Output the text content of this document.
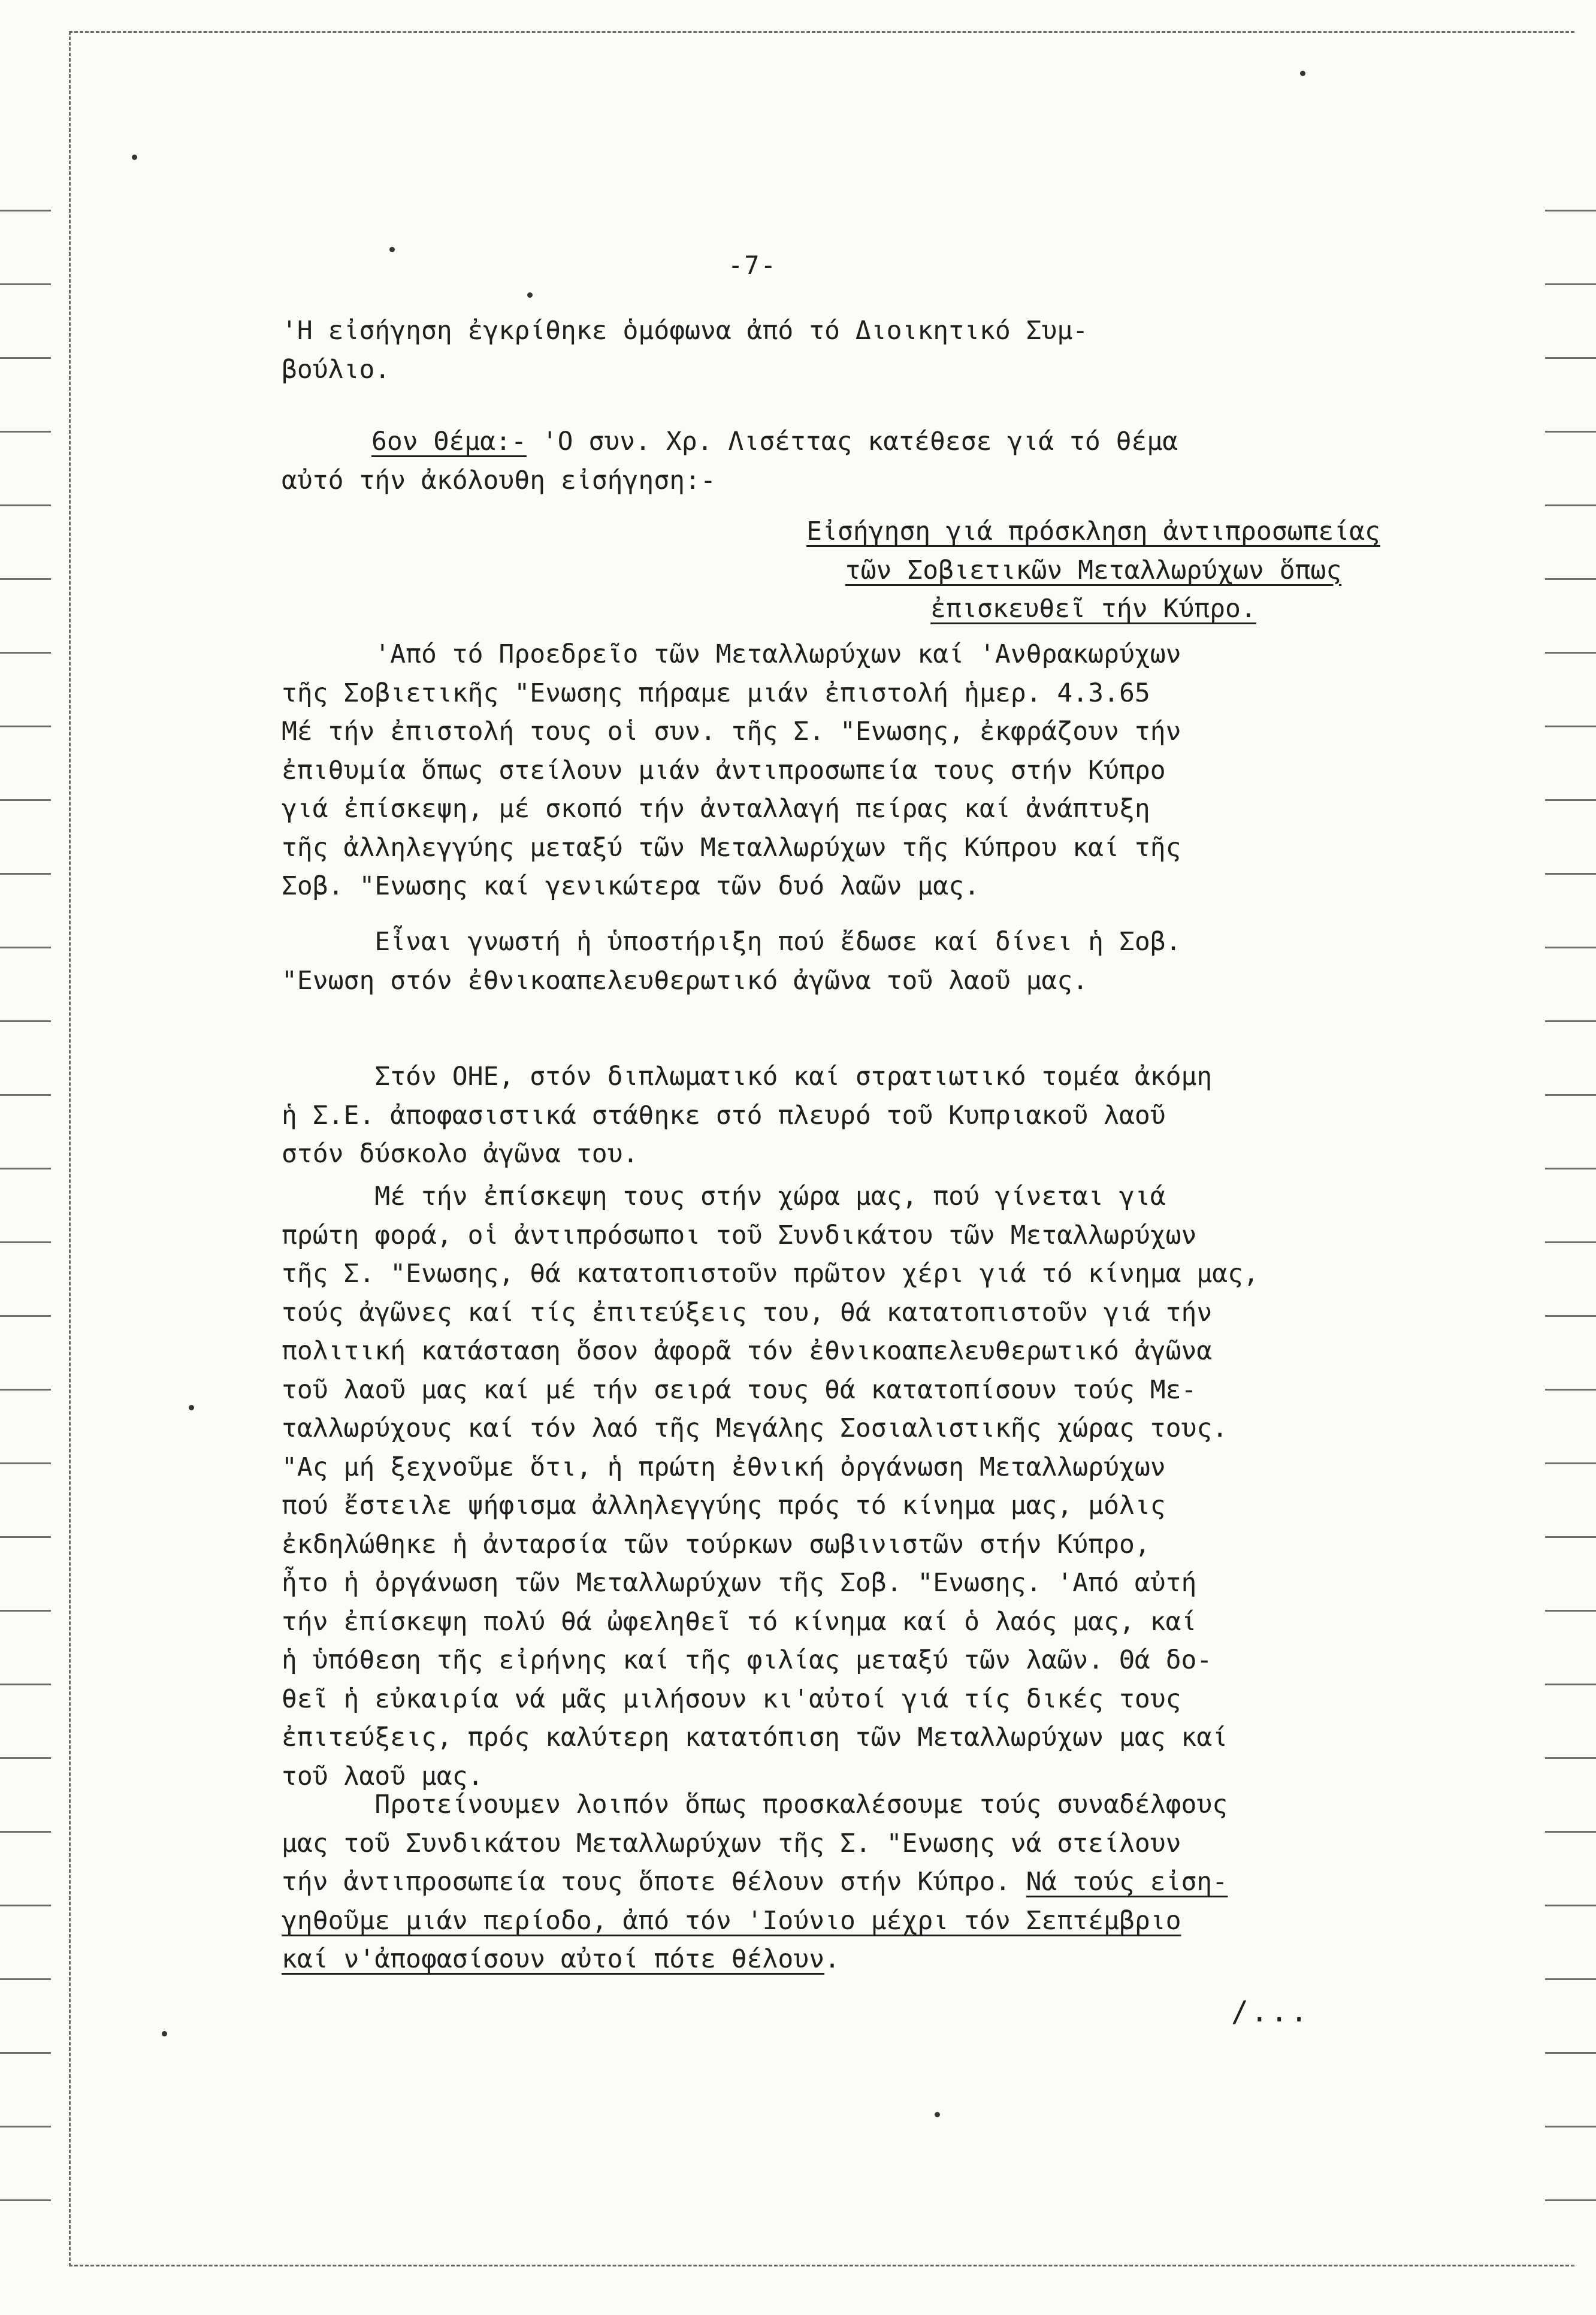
-7-
'Η εἰσήγηση ἐγκρίθηκε ὁμόφωνα ἀπό τό Διοικητικό Συμ-
βούλιο.
6ον Θέμα:- 'Ο συν. Χρ. Λισέττας κατέθεσε γιά τό θέμα
αὐτό τήν ἀκόλουθη εἰσήγηση:-
Εἰσήγηση γιά πρόσκληση ἀντιπροσωπείας
τῶν Σοβιετικῶν Μεταλλωρύχων ὅπως
ἐπισκευθεῖ τήν Κύπρο.
'Από τό Προεδρεῖο τῶν Μεταλλωρύχων καί 'Ανθρακωρύχων
τῆς Σοβιετικῆς "Ενωσης πήραμε μιάν ἐπιστολή ἡμερ. 4.3.65
Μέ τήν ἐπιστολή τους οἱ συν. τῆς Σ. "Ενωσης, ἐκφράζουν τήν
ἐπιθυμία ὅπως στείλουν μιάν ἀντιπροσωπεία τους στήν Κύπρο
γιά ἐπίσκεψη, μέ σκοπό τήν ἀνταλλαγή πείρας καί ἀνάπτυξη
τῆς ἀλληλεγγύης μεταξύ τῶν Μεταλλωρύχων τῆς Κύπρου καί τῆς
Σοβ. "Ενωσης καί γενικώτερα τῶν δυό λαῶν μας.
Εἶναι γνωστή ἡ ὑποστήριξη πού ἔδωσε καί δίνει ἡ Σοβ.
"Ενωση στόν ἐθνικοαπελευθερωτικό ἀγῶνα τοῦ λαοῦ μας.
Στόν ΟΗΕ, στόν διπλωματικό καί στρατιωτικό τομέα ἀκόμη
ἡ Σ.Ε. ἀποφασιστικά στάθηκε στό πλευρό τοῦ Κυπριακοῦ λαοῦ
στόν δύσκολο ἀγῶνα του.
Μέ τήν ἐπίσκεψη τους στήν χώρα μας, πού γίνεται γιά
πρώτη φορά, οἱ ἀντιπρόσωποι τοῦ Συνδικάτου τῶν Μεταλλωρύχων
τῆς Σ. "Ενωσης, θά κατατοπιστοῦν πρῶτον χέρι γιά τό κίνημα μας,
τούς ἀγῶνες καί τίς ἐπιτεύξεις του, θά κατατοπιστοῦν γιά τήν
πολιτική κατάσταση ὅσον ἀφορᾶ τόν ἐθνικοαπελευθερωτικό ἀγῶνα
τοῦ λαοῦ μας καί μέ τήν σειρά τους θά κατατοπίσουν τούς Με-
ταλλωρύχους καί τόν λαό τῆς Μεγάλης Σοσιαλιστικῆς χώρας τους.
"Ας μή ξεχνοῦμε ὅτι, ἡ πρώτη ἐθνική ὀργάνωση Μεταλλωρύχων
πού ἔστειλε ψήφισμα ἀλληλεγγύης πρός τό κίνημα μας, μόλις
ἐκδηλώθηκε ἡ ἀνταρσία τῶν τούρκων σωβινιστῶν στήν Κύπρο,
ἦτο ἡ ὀργάνωση τῶν Μεταλλωρύχων τῆς Σοβ. "Ενωσης. 'Από αὐτή
τήν ἐπίσκεψη πολύ θά ὠφεληθεῖ τό κίνημα καί ὁ λαός μας, καί
ἡ ὑπόθεση τῆς εἰρήνης καί τῆς φιλίας μεταξύ τῶν λαῶν. Θά δο-
θεῖ ἡ εὐκαιρία νά μᾶς μιλήσουν κι'αὐτοί γιά τίς δικές τους
ἐπιτεύξεις, πρός καλύτερη κατατόπιση τῶν Μεταλλωρύχων μας καί
τοῦ λαοῦ μας.
Προτείνουμεν λοιπόν ὅπως προσκαλέσουμε τούς συναδέλφους
μας τοῦ Συνδικάτου Μεταλλωρύχων τῆς Σ. "Ενωσης νά στείλουν
τήν ἀντιπροσωπεία τους ὅποτε θέλουν στήν Κύπρο. Νά τούς εἰση-
γηθοῦμε μιάν περίοδο, ἀπό τόν 'Ιούνιο μέχρι τόν Σεπτέμβριο
καί ν'ἀποφασίσουν αὐτοί πότε θέλουν.
/...
